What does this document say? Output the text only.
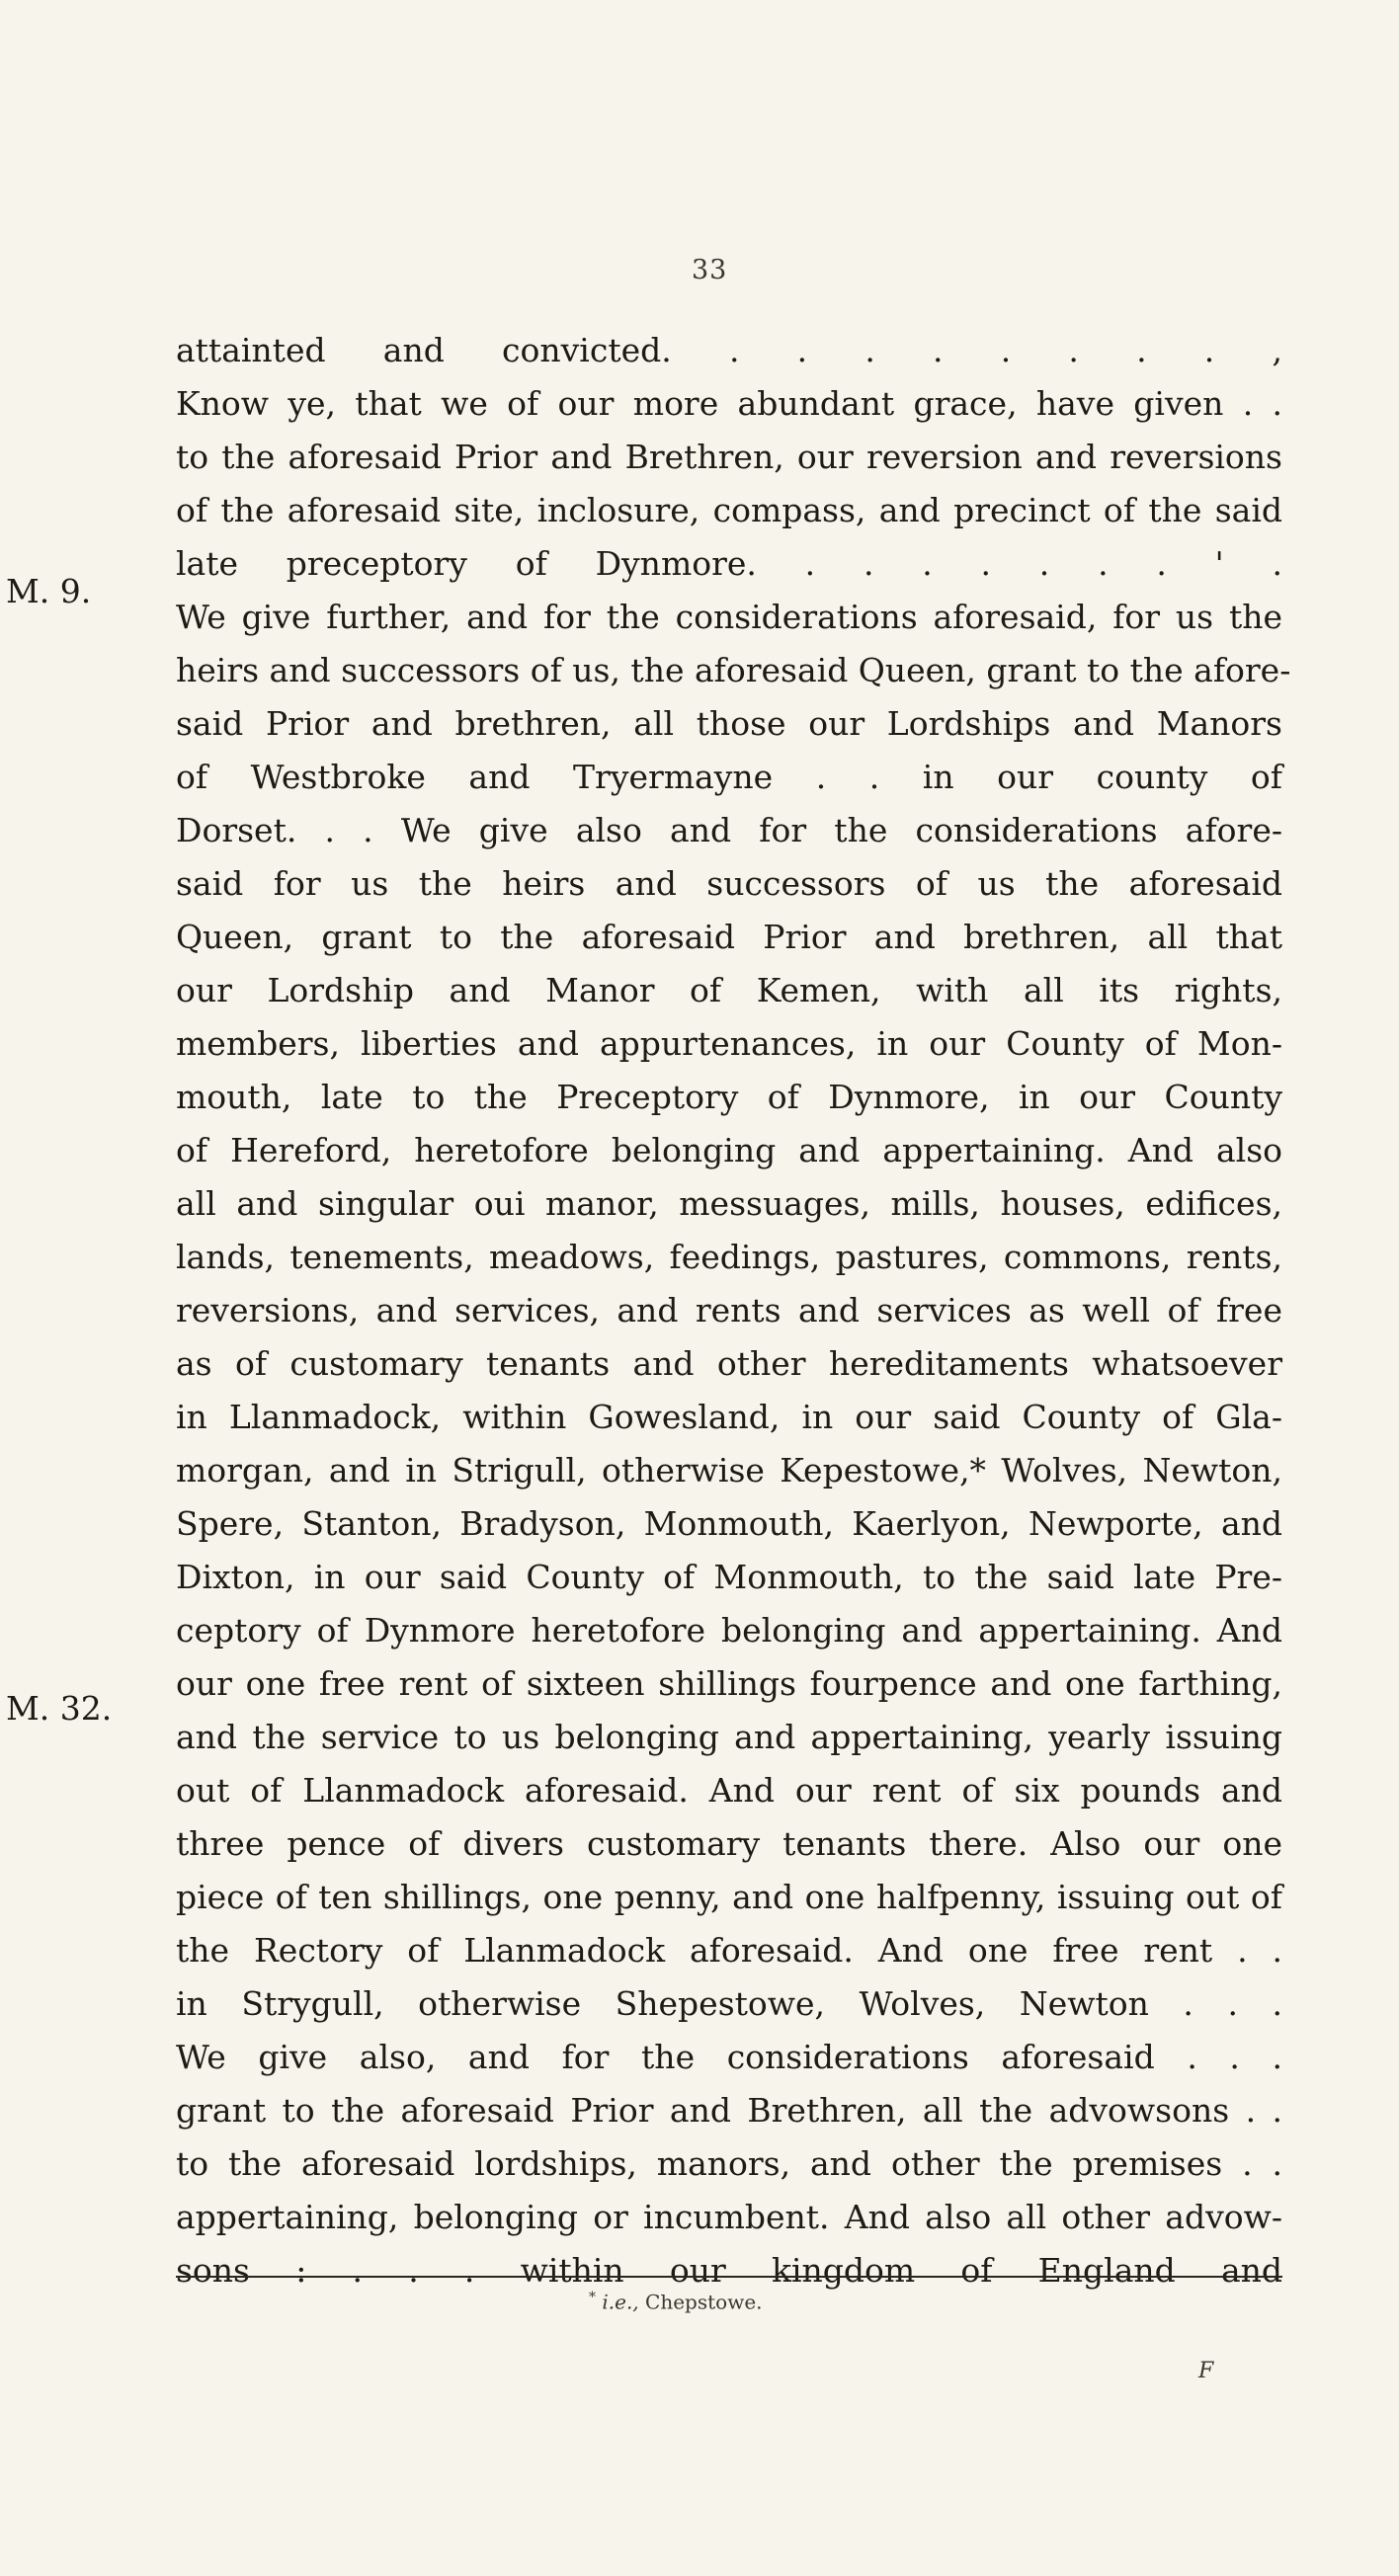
33
M. 9.
M. 32.
attainted and convicted. . . . . . . . . ,
Know ye, that we of our more abundant grace, have given . .
to the aforesaid Prior and Brethren, our reversion and reversions
of the aforesaid site, inclosure, compass, and precinct of the said
late preceptory of Dynmore. . . . . . . . ' .
We give further, and for the considerations aforesaid, for us the
heirs and successors of us, the aforesaid Queen, grant to the afore-
said Prior and brethren, all those our Lordships and Manors
of Westbroke and Tryermayne . . in our county of
Dorset. . . We give also and for the considerations afore-
said for us the heirs and successors of us the aforesaid
Queen, grant to the aforesaid Prior and brethren, all that
our Lordship and Manor of Kemen, with all its rights,
members, liberties and appurtenances, in our County of Mon-
mouth, late to the Preceptory of Dynmore, in our County
of Hereford, heretofore belonging and appertaining. And also
all and singular oui manor, messuages, mills, houses, edifices,
lands, tenements, meadows, feedings, pastures, commons, rents,
reversions, and services, and rents and services as well of free
as of customary tenants and other hereditaments whatsoever
in Llanmadock, within Gowesland, in our said County of Gla-
morgan, and in Strigull, otherwise Kepestowe,* Wolves, Newton,
Spere, Stanton, Bradyson, Monmouth, Kaerlyon, Newporte, and
Dixton, in our said County of Monmouth, to the said late Pre-
ceptory of Dynmore heretofore belonging and appertaining. And
our one free rent of sixteen shillings fourpence and one farthing,
and the service to us belonging and appertaining, yearly issuing
out of Llanmadock aforesaid. And our rent of six pounds and
three pence of divers customary tenants there. Also our one
piece of ten shillings, one penny, and one halfpenny, issuing out of
the Rectory of Llanmadock aforesaid. And one free rent . .
in Strygull, otherwise Shepestowe, Wolves, Newton . . .
We give also, and for the considerations aforesaid . . .
grant to the aforesaid Prior and Brethren, all the advowsons . .
to the aforesaid lordships, manors, and other the premises . .
appertaining, belonging or incumbent. And also all other advow-
sons : . . . within our kingdom of England and
* i.e., Chepstowe.
F
